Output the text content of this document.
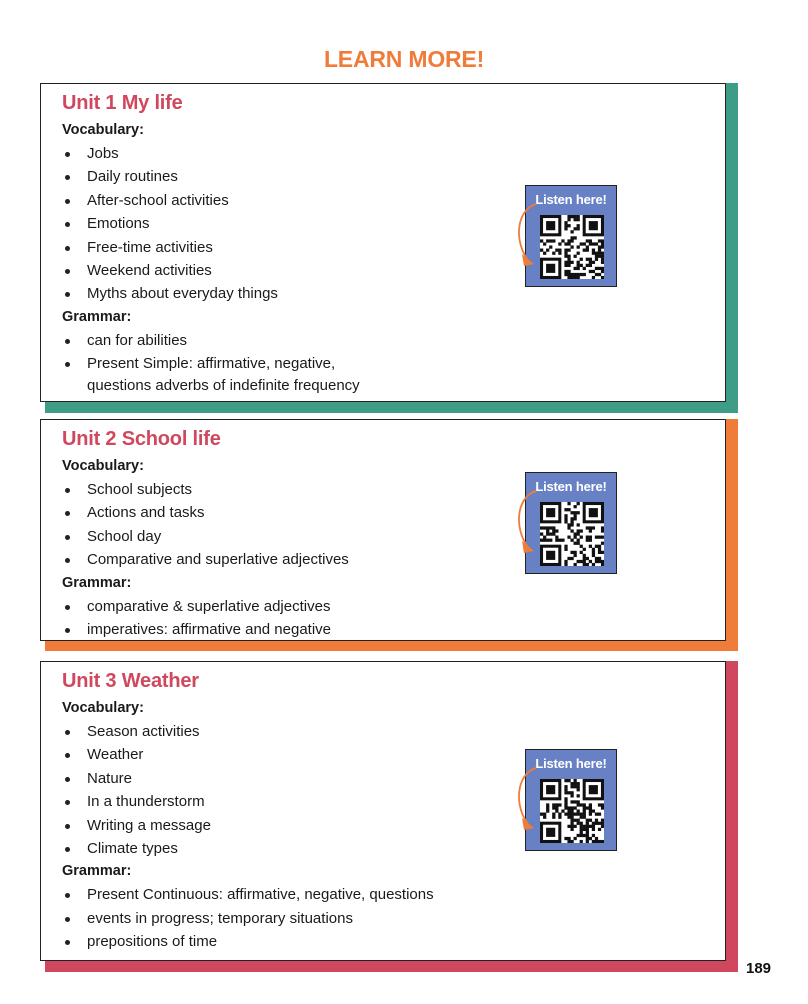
LEARN MORE!
Unit 1 My life
Vocabulary:
Jobs
Daily routines
After-school activities
Emotions
Free-time activities
Weekend activities
Myths about everyday things
Grammar:
can for abilities
Present Simple: affirmative, negative,
questions adverbs of indefinite frequency
Listen here!
Unit 2 School life
Vocabulary:
School subjects
Actions and tasks
School day
Comparative and superlative adjectives
Grammar:
comparative & superlative adjectives
imperatives: affirmative and negative
Listen here!
Unit 3 Weather
Vocabulary:
Season activities
Weather
Nature
In a thunderstorm
Writing a message
Climate types
Grammar:
Present Continuous: affirmative, negative, questions
events in progress; temporary situations
prepositions of time
Listen here!
189
